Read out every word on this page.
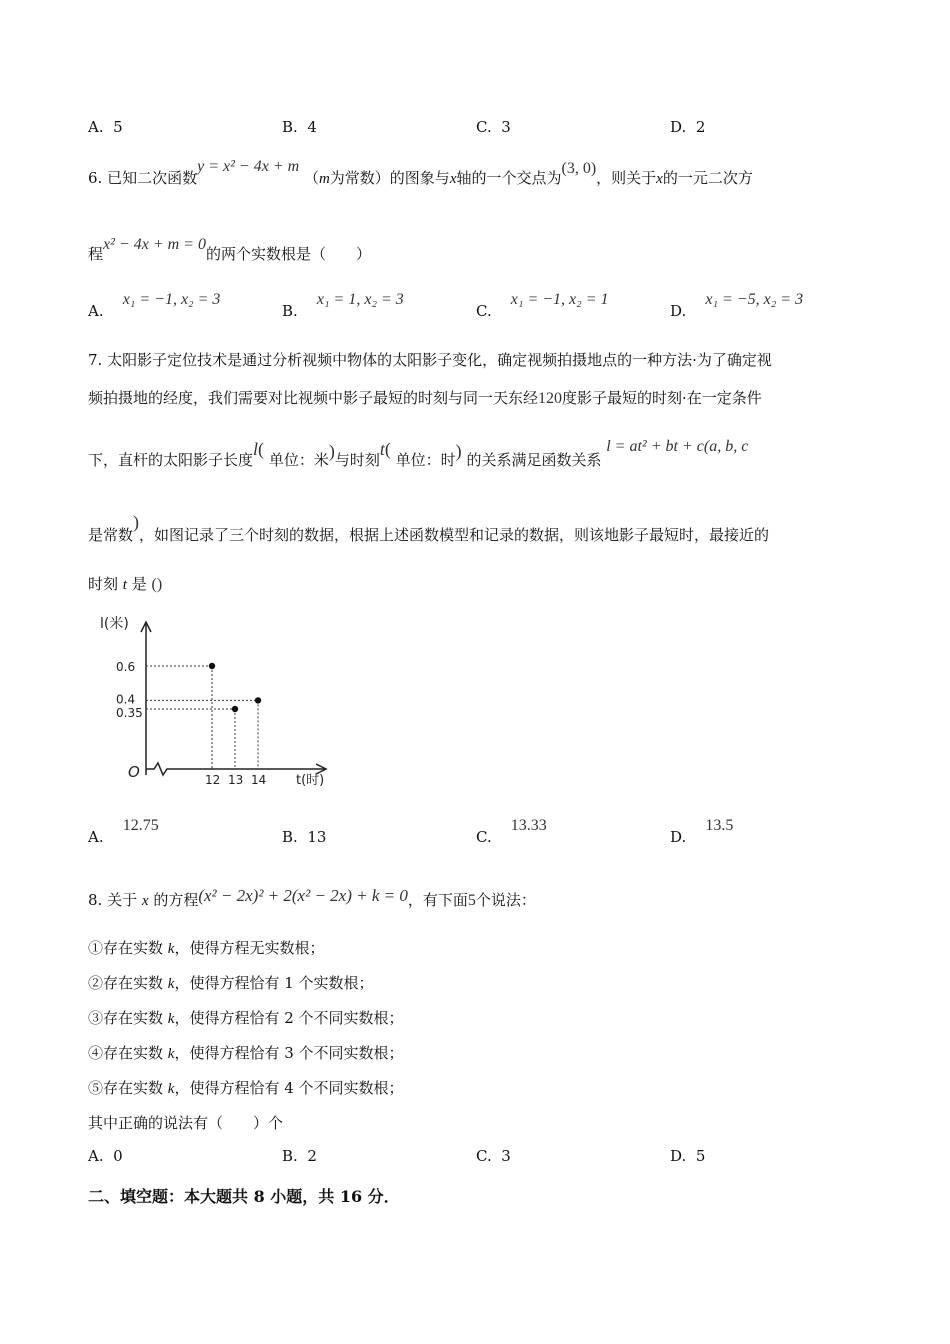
A. 5	B. 4	C. 3	D. 2
6. 已知二次函数y = x² − 4x + m （m为常数）的图象与x轴的一个交点为(3, 0)，则关于x的一元二次方
程x² − 4x + m = 0的两个实数根是（　　）
A.    x₁ = −1, x₂ = 3
B.    x₁ = 1, x₂ = 3
C.    x₁ = −1, x₂ = 1
D.    x₁ = −5, x₂ = 3
7. 太阳影子定位技术是通过分析视频中物体的太阳影子变化，确定视频拍摄地点的一种方法·为了确定视
频拍摄地的经度，我们需要对比视频中影子最短的时刻与同一天东经120度影子最短的时刻·在一定条件
下，直杆的太阳影子长度l( 单位：米)与时刻t( 单位：时) 的关系满足函数关系 l = at² + bt + c(a, b, c
是常数)，如图记录了三个时刻的数据，根据上述函数模型和记录的数据，则该地影子最短时，最接近的
时刻 t 是 ()
l(米)
t(时)
O
0.6
0.4
0.35
12 13 14
A.    12.75
B. 13	C.    13.33
D.    13.5
8. 关于 x 的方程(x² − 2x)² + 2(x² − 2x) + k = 0，有下面5个说法：
①存在实数 k，使得方程无实数根；
②存在实数 k，使得方程恰有 1 个实数根；
③存在实数 k，使得方程恰有 2 个不同实数根；
④存在实数 k，使得方程恰有 3 个不同实数根；
⑤存在实数 k，使得方程恰有 4 个不同实数根；
其中正确的说法有（　　）个
A. 0	B. 2	C. 3	D. 5
二、填空题：本大题共 8 小题，共 16 分．
